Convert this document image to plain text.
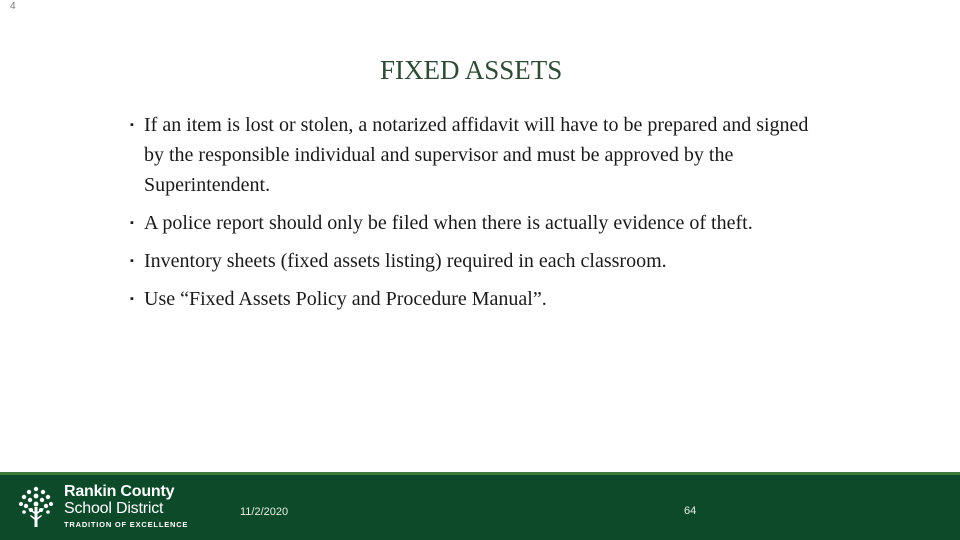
4
FIXED ASSETS
▪ If an item is lost or stolen, a notarized affidavit will have to be prepared and signed by the responsible individual and supervisor and must be approved by the Superintendent.
▪ A police report should only be filed when there is actually evidence of theft.
▪ Inventory sheets (fixed assets listing) required in each classroom.
▪ Use “Fixed Assets Policy and Procedure Manual”.
Rankin County
School District
TRADITION OF EXCELLENCE
11/2/2020	64
